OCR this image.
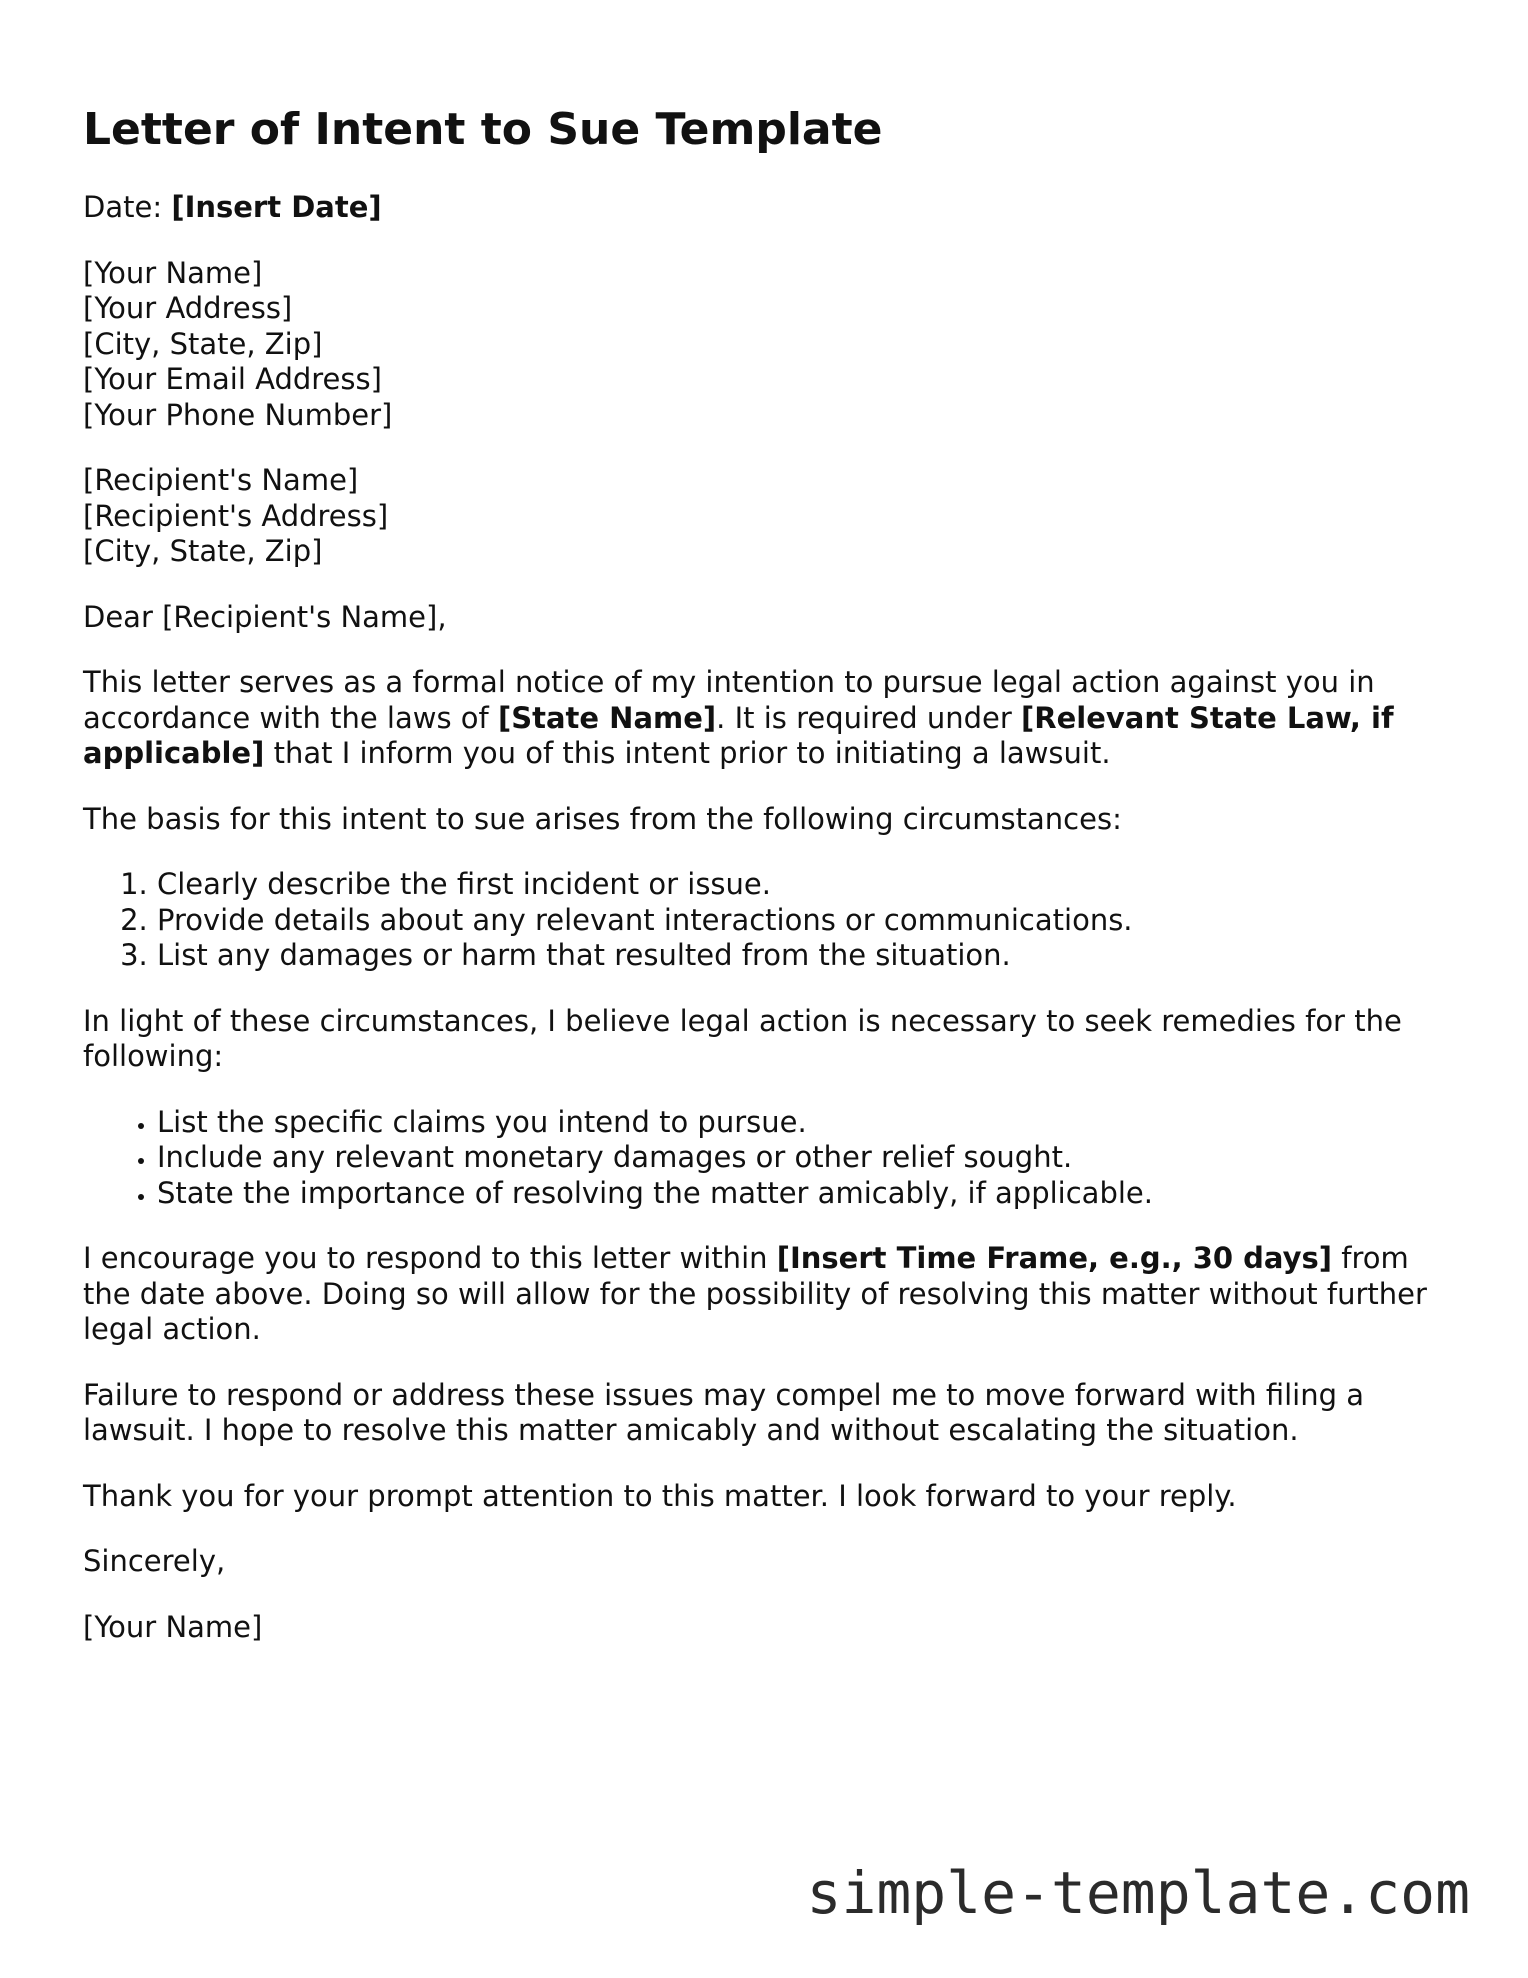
Letter of Intent to Sue Template

Date: [Insert Date]

[Your Name]
[Your Address]
[City, State, Zip]
[Your Email Address]
[Your Phone Number]

[Recipient's Name]
[Recipient's Address]
[City, State, Zip]

Dear [Recipient's Name],

This letter serves as a formal notice of my intention to pursue legal action against you in accordance with the laws of [State Name]. It is required under [Relevant State Law, if applicable] that I inform you of this intent prior to initiating a lawsuit.

The basis for this intent to sue arises from the following circumstances:

1. Clearly describe the first incident or issue.
2. Provide details about any relevant interactions or communications.
3. List any damages or harm that resulted from the situation.

In light of these circumstances, I believe legal action is necessary to seek remedies for the following:

• List the specific claims you intend to pursue.
• Include any relevant monetary damages or other relief sought.
• State the importance of resolving the matter amicably, if applicable.

I encourage you to respond to this letter within [Insert Time Frame, e.g., 30 days] from the date above. Doing so will allow for the possibility of resolving this matter without further legal action.

Failure to respond or address these issues may compel me to move forward with filing a lawsuit. I hope to resolve this matter amicably and without escalating the situation.

Thank you for your prompt attention to this matter. I look forward to your reply.

Sincerely,

[Your Name]

simple-template.com
